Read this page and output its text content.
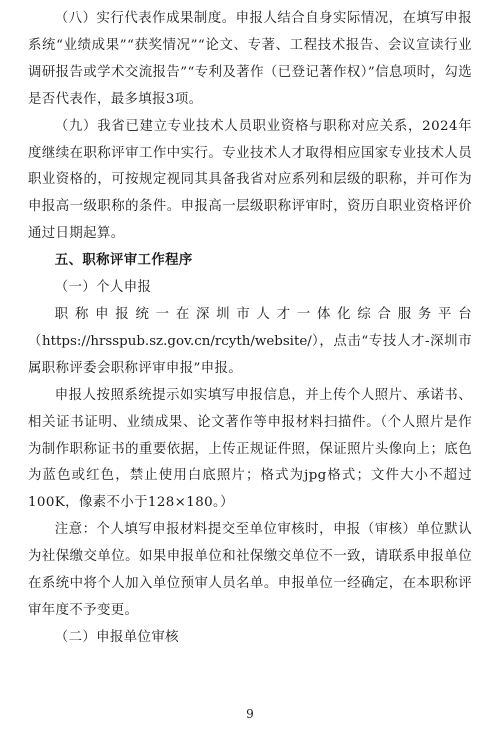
（八）实行代表作成果制度。申报人结合自身实际情况，在填写申报系统“业绩成果”“获奖情况”“论文、专著、工程技术报告、会议宣读行业调研报告或学术交流报告”“专利及著作（已登记著作权）”信息项时，勾选是否代表作，最多填报3项。

（九）我省已建立专业技术人员职业资格与职称对应关系，2024年度继续在职称评审工作中实行。专业技术人才取得相应国家专业技术人员职业资格的，可按规定视同其具备我省对应系列和层级的职称，并可作为申报高一级职称的条件。申报高一层级职称评审时，资历自职业资格评价通过日期起算。

五、职称评审工作程序

（一）个人申报

职称申报统一在深圳市人才一体化综合服务平台（https://hrsspub.sz.gov.cn/rcyth/website/），点击“专技人才-深圳市属职称评委会职称评审申报”申报。

申报人按照系统提示如实填写申报信息，并上传个人照片、承诺书、相关证书证明、业绩成果、论文著作等申报材料扫描件。（个人照片是作为制作职称证书的重要依据，上传正规证件照，保证照片头像向上；底色为蓝色或红色，禁止使用白底照片；格式为jpg格式；文件大小不超过100K，像素不小于128×180。）

注意：个人填写申报材料提交至单位审核时，申报（审核）单位默认为社保缴交单位。如果申报单位和社保缴交单位不一致，请联系申报单位在系统中将个人加入单位预审人员名单。申报单位一经确定，在本职称评审年度不予变更。

（二）申报单位审核

9
